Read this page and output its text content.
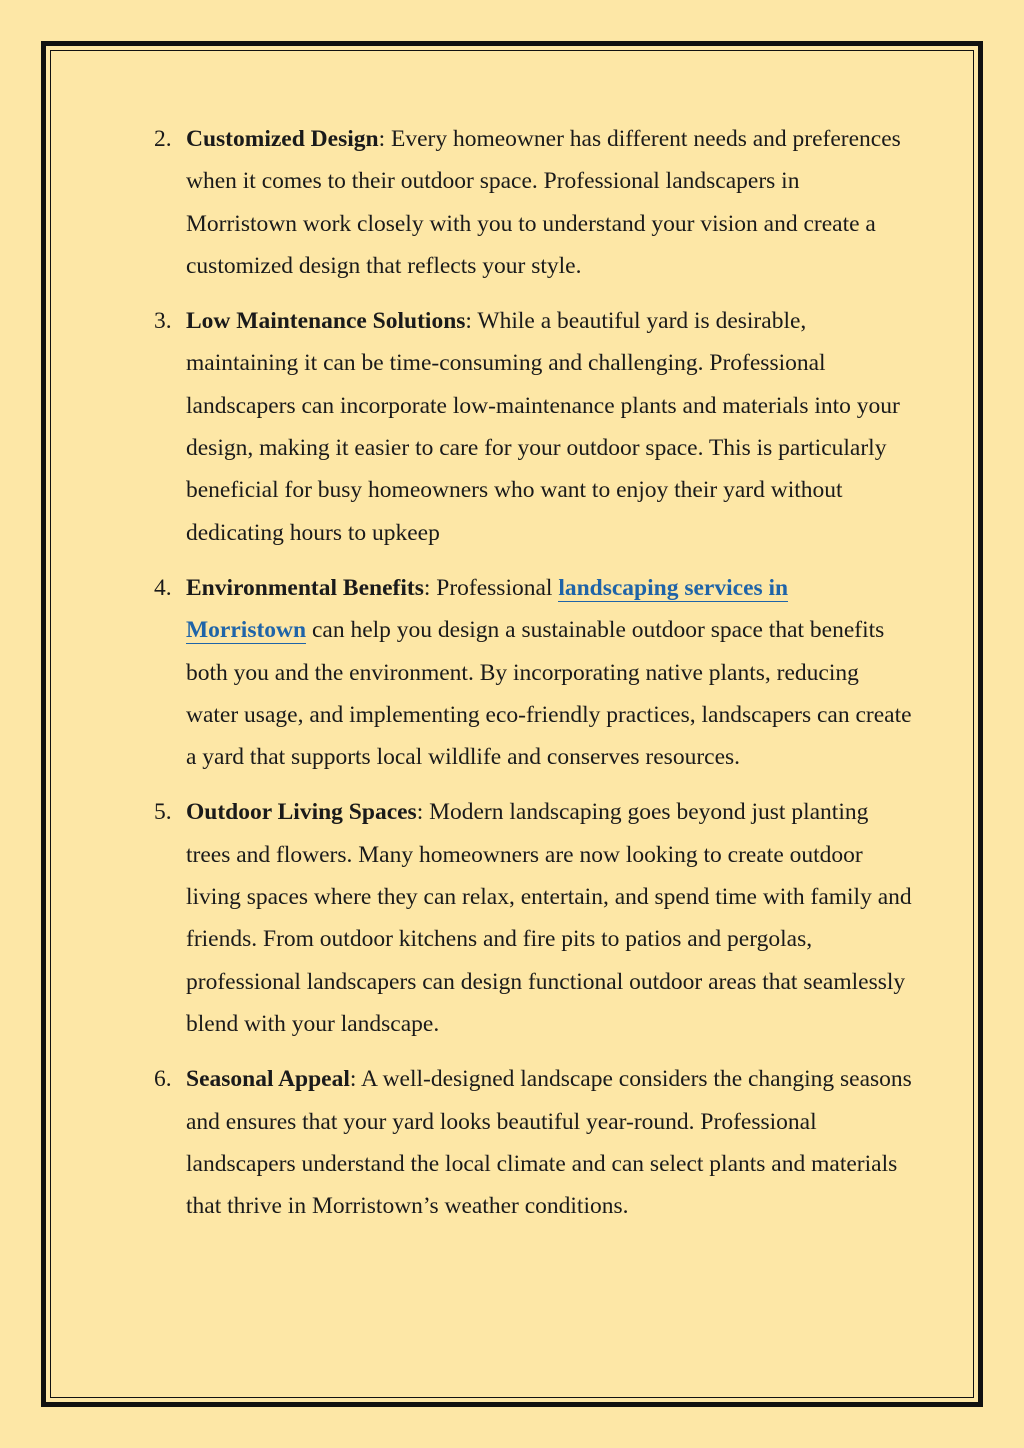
2. Customized Design: Every homeowner has different needs and preferences when it comes to their outdoor space. Professional landscapers in Morristown work closely with you to understand your vision and create a customized design that reflects your style.

3. Low Maintenance Solutions: While a beautiful yard is desirable, maintaining it can be time-consuming and challenging. Professional landscapers can incorporate low-maintenance plants and materials into your design, making it easier to care for your outdoor space. This is particularly beneficial for busy homeowners who want to enjoy their yard without dedicating hours to upkeep

4. Environmental Benefits: Professional landscaping services in Morristown can help you design a sustainable outdoor space that benefits both you and the environment. By incorporating native plants, reducing water usage, and implementing eco-friendly practices, landscapers can create a yard that supports local wildlife and conserves resources.

5. Outdoor Living Spaces: Modern landscaping goes beyond just planting trees and flowers. Many homeowners are now looking to create outdoor living spaces where they can relax, entertain, and spend time with family and friends. From outdoor kitchens and fire pits to patios and pergolas, professional landscapers can design functional outdoor areas that seamlessly blend with your landscape.

6. Seasonal Appeal: A well-designed landscape considers the changing seasons and ensures that your yard looks beautiful year-round. Professional landscapers understand the local climate and can select plants and materials that thrive in Morristown’s weather conditions.
